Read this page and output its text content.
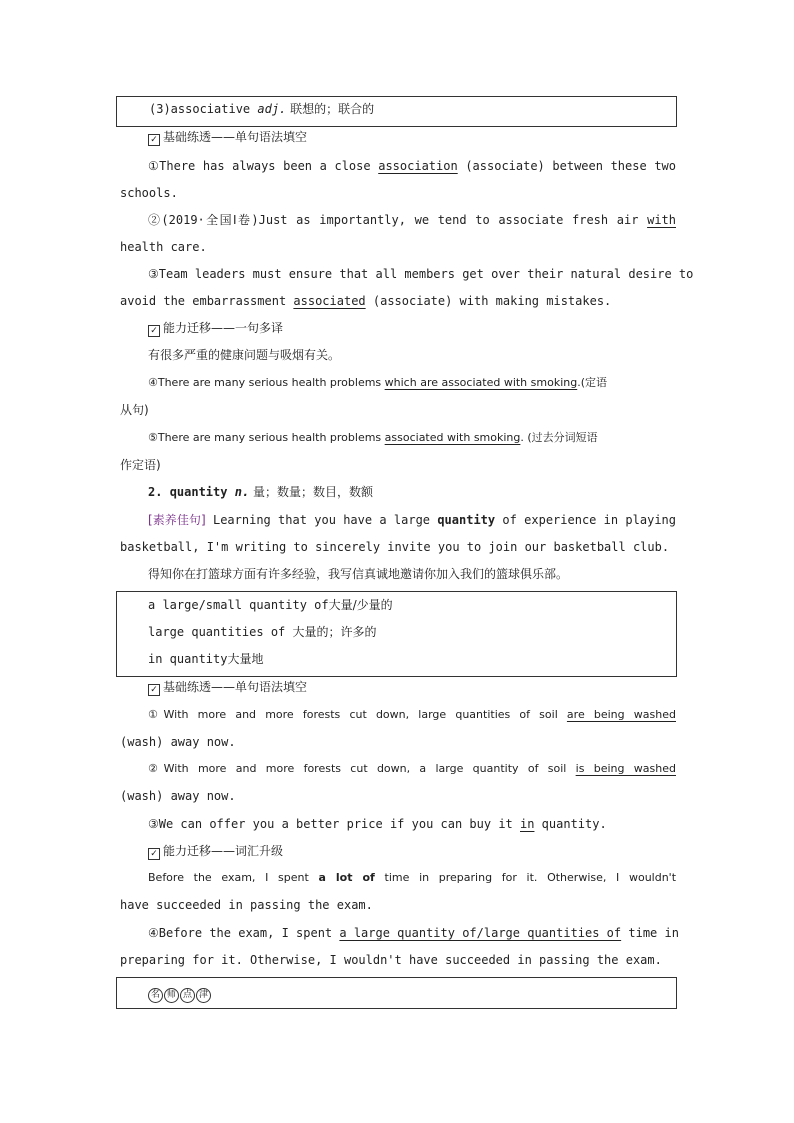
(3)associative adj. 联想的；联合的
✓ 基础练透——单句语法填空
①There has always been a close association (associate) between these two
schools.
②(2019·全国Ⅰ卷)Just as importantly, we tend to associate fresh air with
health care.
③Team leaders must ensure that all members get over their natural desire to
avoid the embarrassment associated (associate) with making mistakes.
✓ 能力迁移——一句多译
有很多严重的健康问题与吸烟有关。
④There are many serious health problems which are associated with smoking.(定语
从句)
⑤There are many serious health problems associated with smoking. (过去分词短语
作定语)
2. quantity n. 量；数量；数目，数额
[素养佳句] Learning that you have a large quantity of experience in playing
basketball, I'm writing to sincerely invite you to join our basketball club.
得知你在打篮球方面有许多经验，我写信真诚地邀请你加入我们的篮球俱乐部。
a large/small quantity of大量/少量的
large quantities of 大量的；许多的
in quantity大量地
✓ 基础练透——单句语法填空
①With more and more forests cut down, large quantities of soil are being washed
(wash) away now.
②With more and more forests cut down, a large quantity of soil is being washed
(wash) away now.
③We can offer you a better price if you can buy it in quantity.
✓ 能力迁移——词汇升级
Before the exam, I spent a lot of time in preparing for it. Otherwise, I wouldn't
have succeeded in passing the exam.
④Before the exam, I spent a large quantity of/large quantities of time in
preparing for it. Otherwise, I wouldn't have succeeded in passing the exam.
名 师 点 津
